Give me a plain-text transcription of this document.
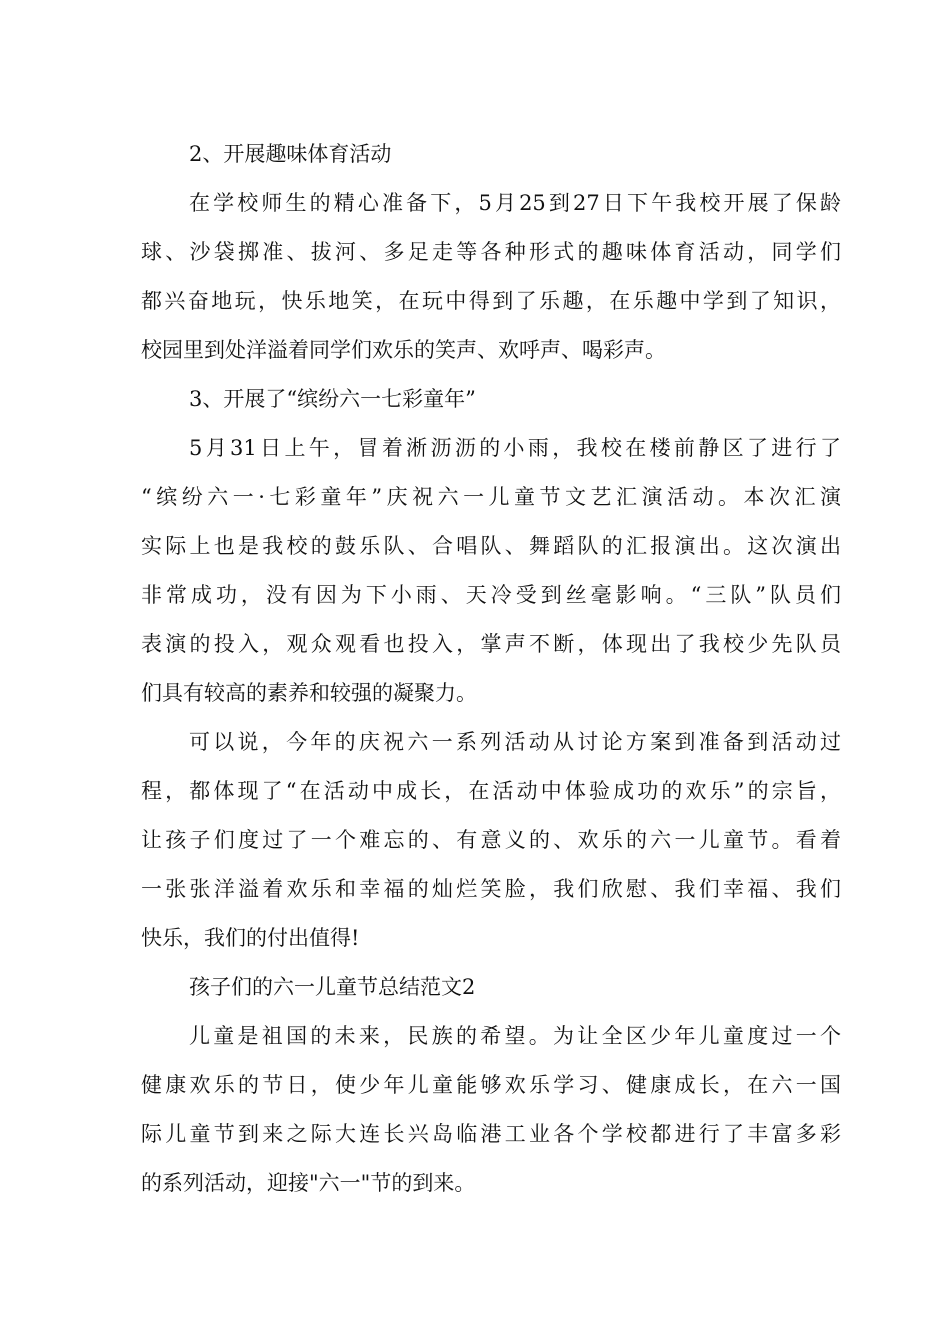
2、开展趣味体育活动

在学校师生的精心准备下，5月25到27日下午我校开展了保龄
球、沙袋掷准、拔河、多足走等各种形式的趣味体育活动，同学们
都兴奋地玩，快乐地笑，在玩中得到了乐趣，在乐趣中学到了知识，
校园里到处洋溢着同学们欢乐的笑声、欢呼声、喝彩声。

3、开展了“缤纷六一七彩童年”

5月31日上午，冒着淅沥沥的小雨，我校在楼前静区了进行了
“缤纷六一·七彩童年”庆祝六一儿童节文艺汇演活动。本次汇演
实际上也是我校的鼓乐队、合唱队、舞蹈队的汇报演出。这次演出
非常成功，没有因为下小雨、天冷受到丝毫影响。“三队”队员们
表演的投入，观众观看也投入，掌声不断，体现出了我校少先队员
们具有较高的素养和较强的凝聚力。

可以说，今年的庆祝六一系列活动从讨论方案到准备到活动过
程，都体现了“在活动中成长，在活动中体验成功的欢乐”的宗旨，
让孩子们度过了一个难忘的、有意义的、欢乐的六一儿童节。看着
一张张洋溢着欢乐和幸福的灿烂笑脸，我们欣慰、我们幸福、我们
快乐，我们的付出值得!

孩子们的六一儿童节总结范文2

儿童是祖国的未来，民族的希望。为让全区少年儿童度过一个
健康欢乐的节日，使少年儿童能够欢乐学习、健康成长，在六一国
际儿童节到来之际大连长兴岛临港工业各个学校都进行了丰富多彩
的系列活动，迎接"六一"节的到来。
